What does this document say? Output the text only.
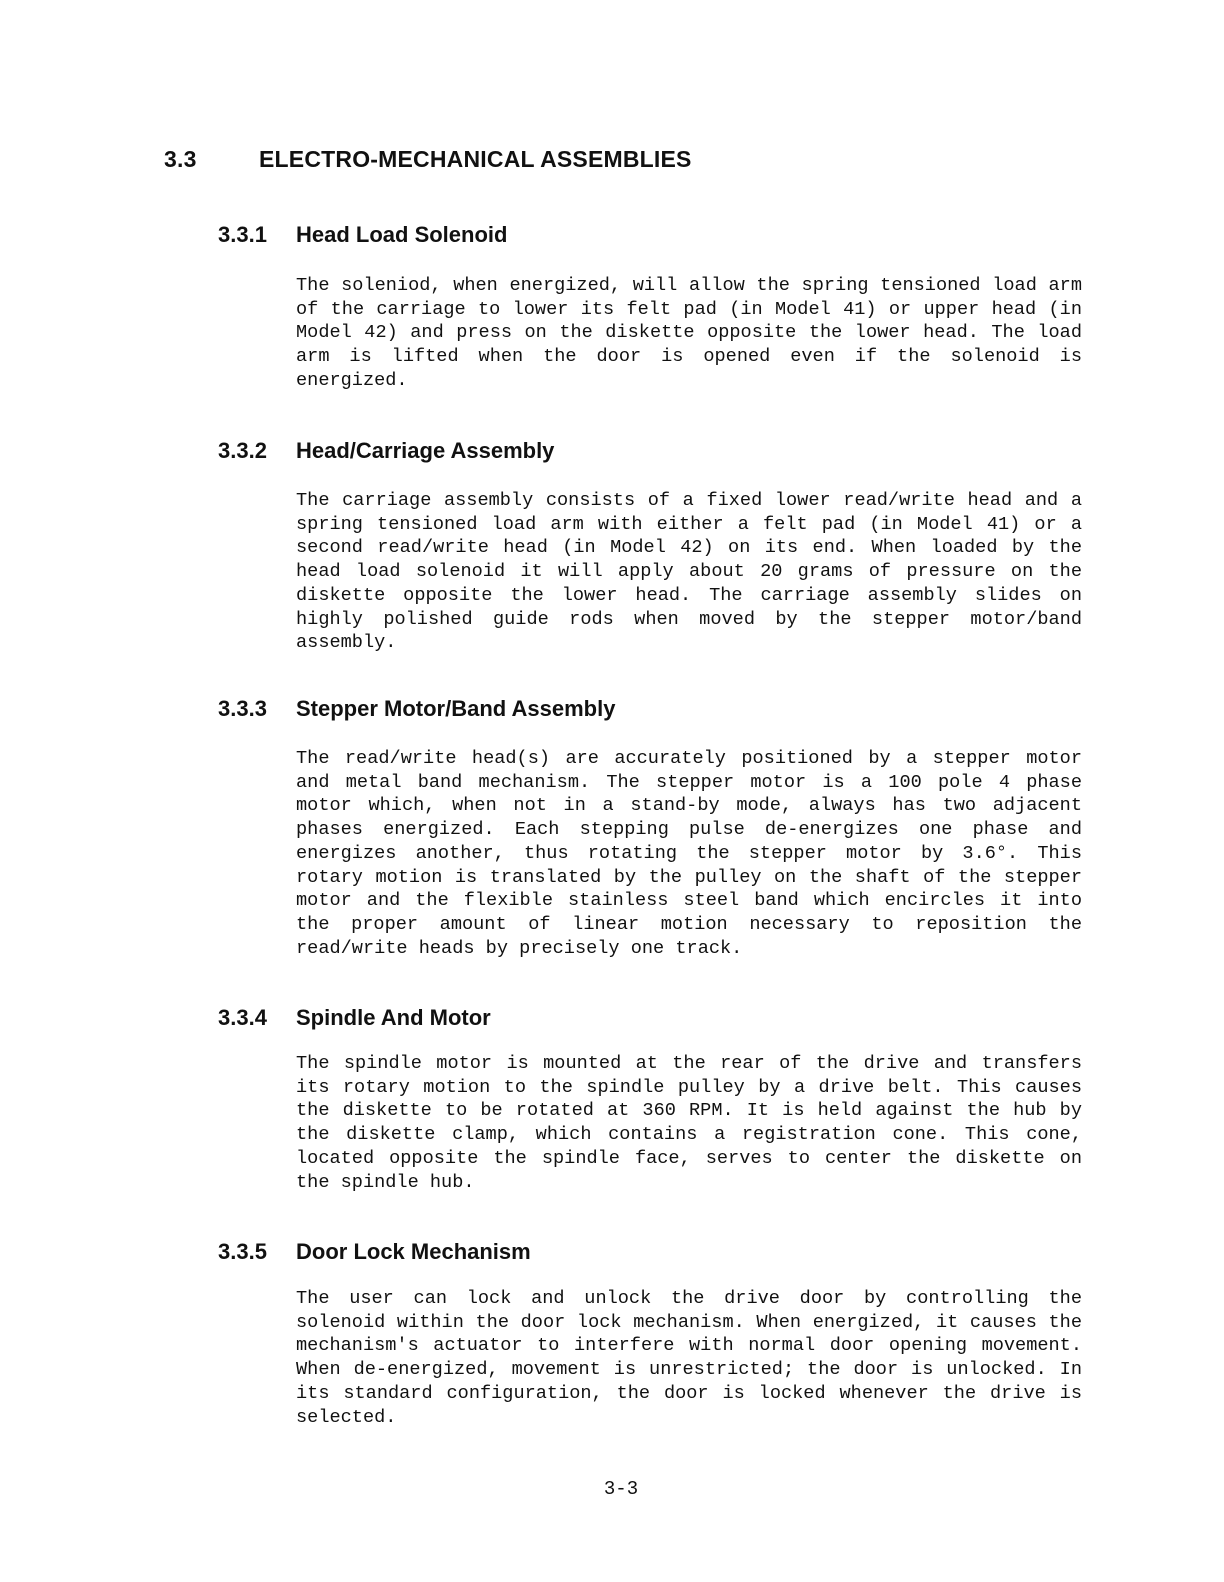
3.3	ELECTRO-MECHANICAL ASSEMBLIES
3.3.1 Head Load Solenoid
The soleniod, when energized, will allow the spring tensioned load arm of the carriage to lower its felt pad (in Model 41) or upper head (in Model 42) and press on the diskette opposite the lower head. The load arm is lifted when the door is opened even if the solenoid is energized.
3.3.2 Head/Carriage Assembly
The carriage assembly consists of a fixed lower read/write head and a spring tensioned load arm with either a felt pad (in Model 41) or a second read/write head (in Model 42) on its end. When loaded by the head load solenoid it will apply about 20 grams of pressure on the diskette opposite the lower head. The carriage assembly slides on highly polished guide rods when moved by the stepper motor/band assembly.
3.3.3 Stepper Motor/Band Assembly
The read/write head(s) are accurately positioned by a stepper motor and metal band mechanism. The stepper motor is a 100 pole 4 phase motor which, when not in a stand-by mode, always has two adjacent phases energized. Each stepping pulse de-energizes one phase and energizes another, thus rotating the stepper motor by 3.6°. This rotary motion is translated by the pulley on the shaft of the stepper motor and the flexible stainless steel band which encircles it into the proper amount of linear motion necessary to reposition the read/write heads by precisely one track.
3.3.4 Spindle And Motor
The spindle motor is mounted at the rear of the drive and transfers its rotary motion to the spindle pulley by a drive belt. This causes the diskette to be rotated at 360 RPM. It is held against the hub by the diskette clamp, which contains a registration cone. This cone, located opposite the spindle face, serves to center the diskette on the spindle hub.
3.3.5 Door Lock Mechanism
The user can lock and unlock the drive door by controlling the solenoid within the door lock mechanism. When energized, it causes the mechanism's actuator to interfere with normal door opening movement. When de-energized, movement is unrestricted; the door is unlocked. In its standard configuration, the door is locked whenever the drive is selected.
3-3
